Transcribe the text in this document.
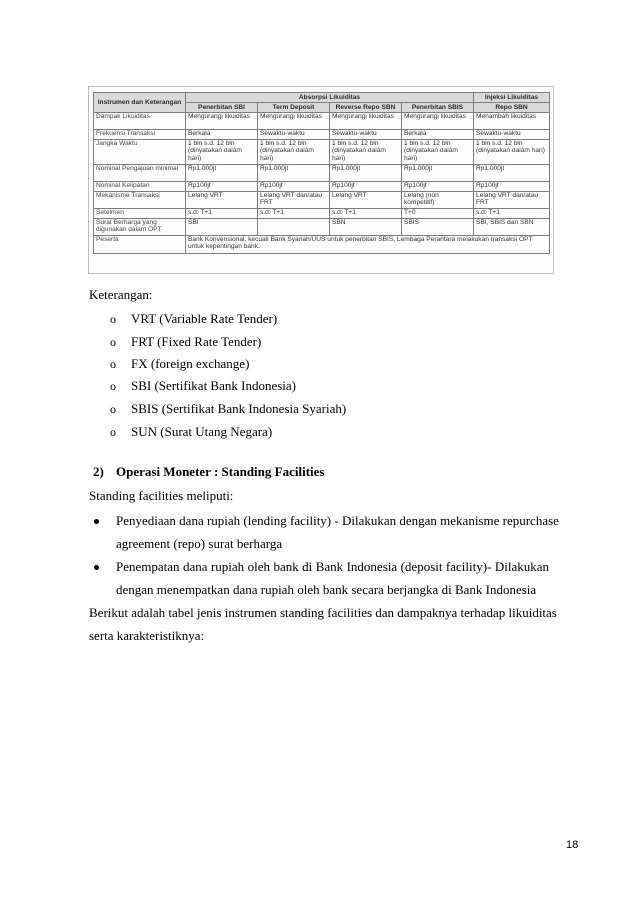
Instrumen dan Keterangan	Absorpsi Likuiditas				Injeksi Likuiditas
	Penerbitan SBI	Term Deposit	Reverse Repo SBN	Penerbitan SBIS	Repo SBN
Dampak Likuiditas	Mengurangi likuiditas	Mengurangi likuiditas	Mengurangi likuiditas	Mengurangi likuiditas	Menambah likuiditas
Frekuensi Transaksi	Berkala	Sewaktu-waktu	Sewaktu-waktu	Berkala	Sewaktu-waktu
Jangka Waktu	1 bln s.d. 12 bln (dinyatakan dalam hari)	1 bln s.d. 12 bln (dinyatakan dalam hari)	1 bln s.d. 12 bln (dinyatakan dalam hari)	1 bln s.d. 12 bln (dinyatakan dalam hari)	1 bln s.d. 12 bln (dinyatakan dalam hari)
Nominal Pengajuan minimal	Rp1.000jt	Rp1.000jt	Rp1.000jt	Rp1.000jt	Rp1.000jt
Nominal Kelipatan	Rp100jt	Rp100jt	Rp100jt	Rp100jt	Rp100jt
Mekanisme Transaksi	Lelang VRT	Lelang VRT dan/atau FRT	Lelang VRT	Lelang (non kompetitif)	Lelang VRT dan/atau FRT
Setelmen	s.d. T+1	s.d. T+1	s.d. T+1	T+0	s.d. T+1
Surat Berharga yang digunakan dalam OPT	SBI		SBN	SBIS	SBI, SBIS dan SBN
Peserta	Bank Konvensional, kecuali Bank Syariah/UUS untuk penerbitan SBIS, Lembaga Perantara melakukan transaksi OPT untuk kepentingan bank.				
Keterangan:
o VRT (Variable Rate Tender)
o FRT (Fixed Rate Tender)
o FX (foreign exchange)
o SBI (Sertifikat Bank Indonesia)
o SBIS (Sertifikat Bank Indonesia Syariah)
o SUN (Surat Utang Negara)
2) Operasi Moneter : Standing Facilities
Standing facilities meliputi:
Penyediaan dana rupiah (lending facility) - Dilakukan dengan mekanisme repurchase
agreement (repo) surat berharga
Penempatan dana rupiah oleh bank di Bank Indonesia (deposit facility)- Dilakukan
dengan menempatkan dana rupiah oleh bank secara berjangka di Bank Indonesia
Berikut adalah tabel jenis instrumen standing facilities dan dampaknya terhadap likuiditas
serta karakteristiknya:
18
